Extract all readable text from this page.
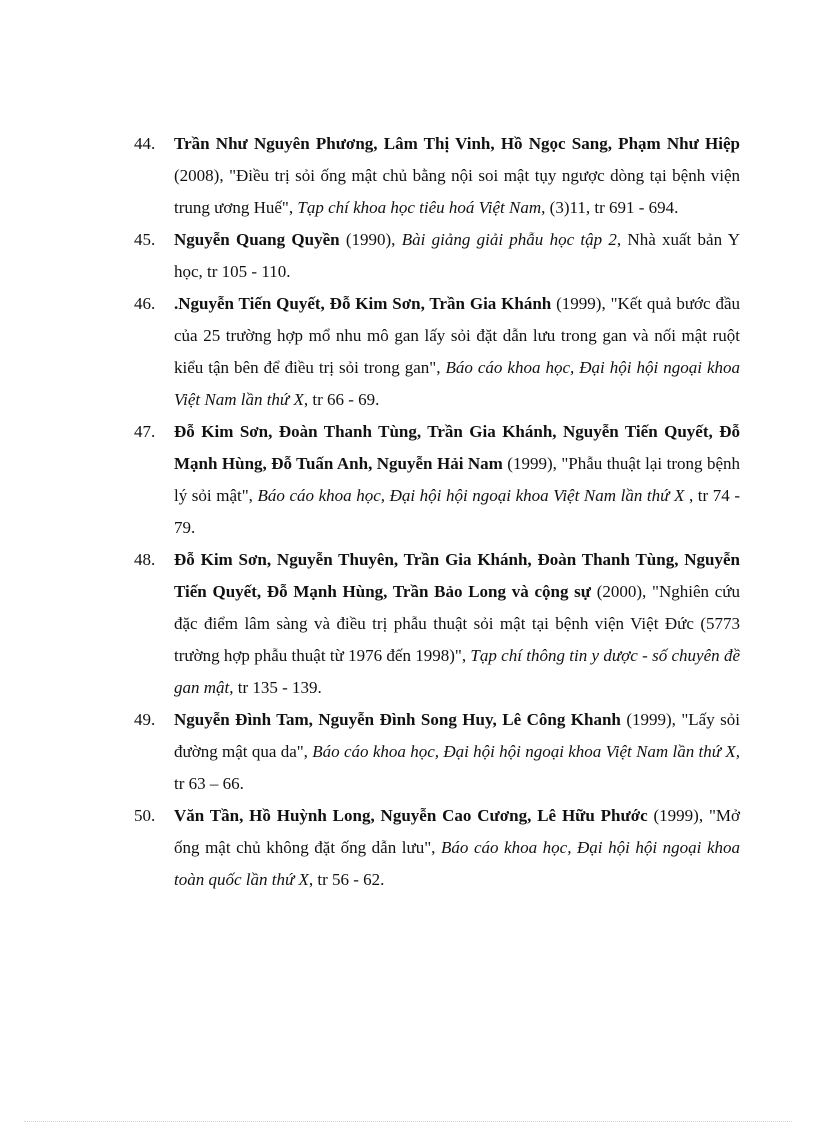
44.	Trần Như Nguyên Phương, Lâm Thị Vinh, Hồ Ngọc Sang, Phạm Như Hiệp (2008), "Điều trị sỏi ống mật chủ bằng nội soi mật tụy ngược dòng tại bệnh viện trung ương Huế", Tạp chí khoa học tiêu hoá Việt Nam, (3)11, tr 691 - 694.
45.	Nguyễn Quang Quyền (1990), Bài giảng giải phẫu học tập 2, Nhà xuất bản Y học, tr 105 - 110.
46.	.Nguyễn Tiến Quyết, Đỗ Kim Sơn, Trần Gia Khánh (1999), "Kết quả bước đầu của 25 trường hợp mổ nhu mô gan lấy sỏi đặt dẫn lưu trong gan và nối mật ruột kiểu tận bên để điều trị sỏi trong gan", Báo cáo khoa học, Đại hội hội ngoại khoa Việt Nam lần thứ X, tr 66 - 69.
47.	Đỗ Kim Sơn, Đoàn Thanh Tùng, Trần Gia Khánh, Nguyễn Tiến Quyết, Đỗ Mạnh Hùng, Đỗ Tuấn Anh, Nguyễn Hải Nam (1999), "Phẫu thuật lại trong bệnh lý sỏi mật", Báo cáo khoa học, Đại hội hội ngoại khoa Việt Nam lần thứ X , tr 74 - 79.
48.	Đỗ Kim Sơn, Nguyễn Thuyên, Trần Gia Khánh, Đoàn Thanh Tùng, Nguyễn Tiến Quyết, Đỗ Mạnh Hùng, Trần Bảo Long và cộng sự (2000), "Nghiên cứu đặc điểm lâm sàng và điều trị phẫu thuật sỏi mật tại bệnh viện Việt Đức (5773 trường hợp phẫu thuật từ 1976 đến 1998)", Tạp chí thông tin y dược - số chuyên đề gan mật, tr 135 - 139.
49.	Nguyễn Đình Tam, Nguyễn Đình Song Huy, Lê Công Khanh (1999), "Lấy sỏi đường mật qua da", Báo cáo khoa học, Đại hội hội ngoại khoa Việt Nam lần thứ X, tr 63 – 66.
50.	Văn Tần, Hồ Huỳnh Long, Nguyễn Cao Cương, Lê Hữu Phước (1999), "Mở ống mật chủ không đặt ống dẫn lưu", Báo cáo khoa học, Đại hội hội ngoại khoa toàn quốc lần thứ X, tr 56 - 62.
